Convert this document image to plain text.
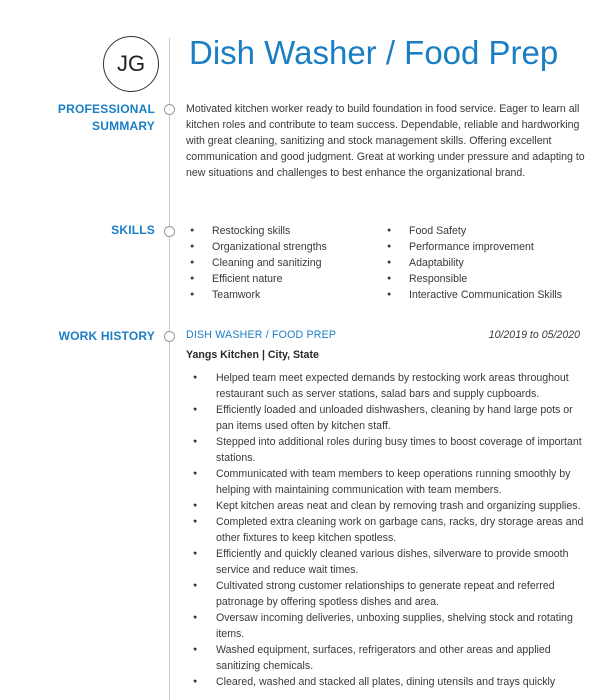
JG Dish Washer / Food Prep
PROFESSIONAL
SUMMARY

Motivated kitchen worker ready to build foundation in food service. Eager to learn all kitchen roles and contribute to team success. Dependable, reliable and hardworking with great cleaning, sanitizing and stock management skills. Offering excellent communication and good judgment. Great at working under pressure and adapting to new situations and challenges to best enhance the organizational brand.

SKILLS
●	Restocking skills
● Organizational strengths
● Cleaning and sanitizing
● Efficient nature
● Teamwork
● Food Safety
● Performance improvement
● Adaptability
● Responsible
● Interactive Communication Skills
WORK HISTORY	DISH WASHER / FOOD PREP	10/2019 to 05/2020
Yangs Kitchen | City, State
● Helped team meet expected demands by restocking work areas throughout restaurant such as server stations, salad bars and supply cupboards.
● Efficiently loaded and unloaded dishwashers, cleaning by hand large pots or pan items used often by kitchen staff.
● Stepped into additional roles during busy times to boost coverage of important stations.
● Communicated with team members to keep operations running smoothly by helping with maintaining communication with team members.
● Kept kitchen areas neat and clean by removing trash and organizing supplies.
● Completed extra cleaning work on garbage cans, racks, dry storage areas and other fixtures to keep kitchen spotless.
● Efficiently and quickly cleaned various dishes, silverware to provide smooth service and reduce wait times.
● Cultivated strong customer relationships to generate repeat and referred patronage by offering spotless dishes and area.
● Oversaw incoming deliveries, unboxing supplies, shelving stock and rotating items.
● Washed equipment, surfaces, refrigerators and other areas and applied sanitizing chemicals.
● Cleared, washed and stacked all plates, dining utensils and trays quickly
